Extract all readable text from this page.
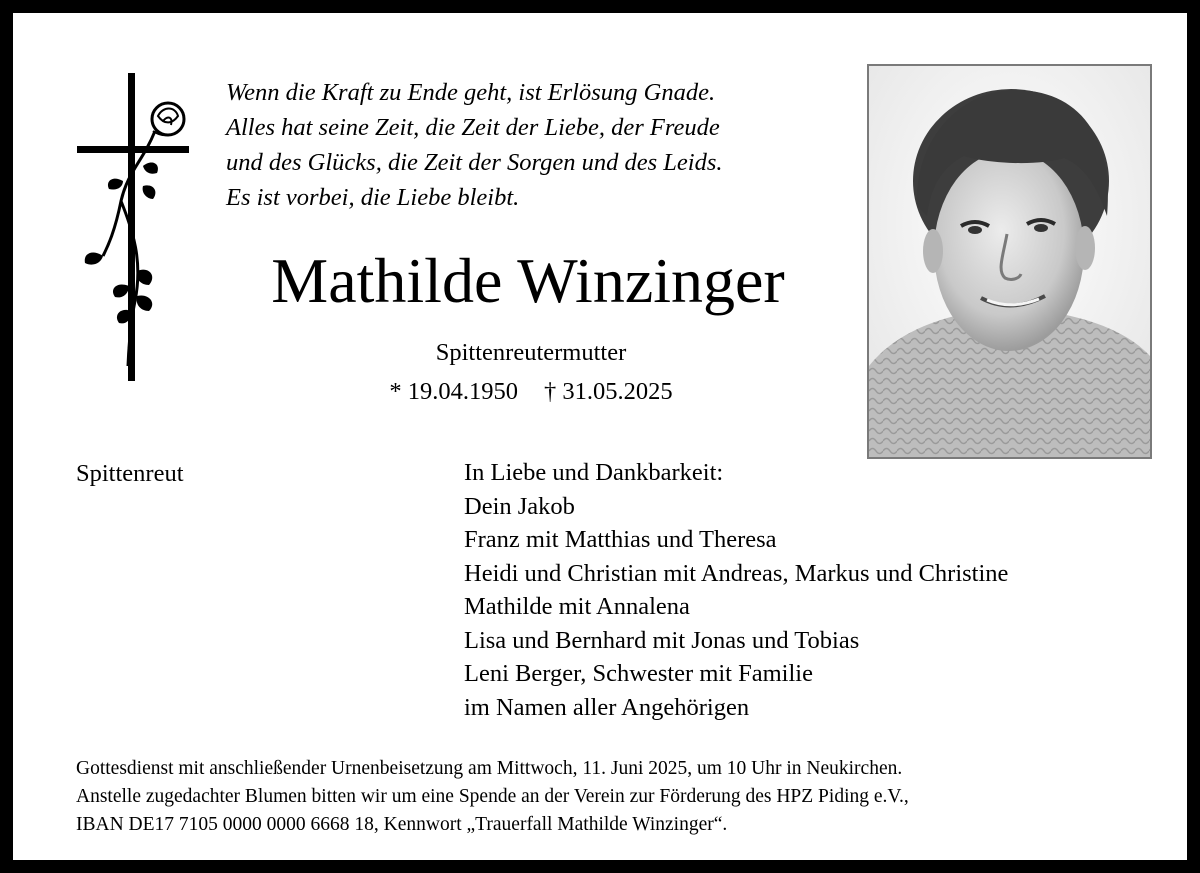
Wenn die Kraft zu Ende geht, ist Erlösung Gnade.
Alles hat seine Zeit, die Zeit der Liebe, der Freude
und des Glücks, die Zeit der Sorgen und des Leids.
Es ist vorbei, die Liebe bleibt.
Mathilde Winzinger
Spittenreutermutter
* 19.04.1950 † 31.05.2025
Spittenreut	In Liebe und Dankbarkeit:
Dein Jakob
Franz mit Matthias und Theresa
Heidi und Christian mit Andreas, Markus und Christine
Mathilde mit Annalena
Lisa und Bernhard mit Jonas und Tobias
Leni Berger, Schwester mit Familie
im Namen aller Angehörigen
Gottesdienst mit anschließender Urnenbeisetzung am Mittwoch, 11. Juni 2025, um 10 Uhr in Neukirchen.
Anstelle zugedachter Blumen bitten wir um eine Spende an der Verein zur Förderung des HPZ Piding e.V.,
IBAN DE17 7105 0000 0000 6668 18, Kennwort „Trauerfall Mathilde Winzinger“.
